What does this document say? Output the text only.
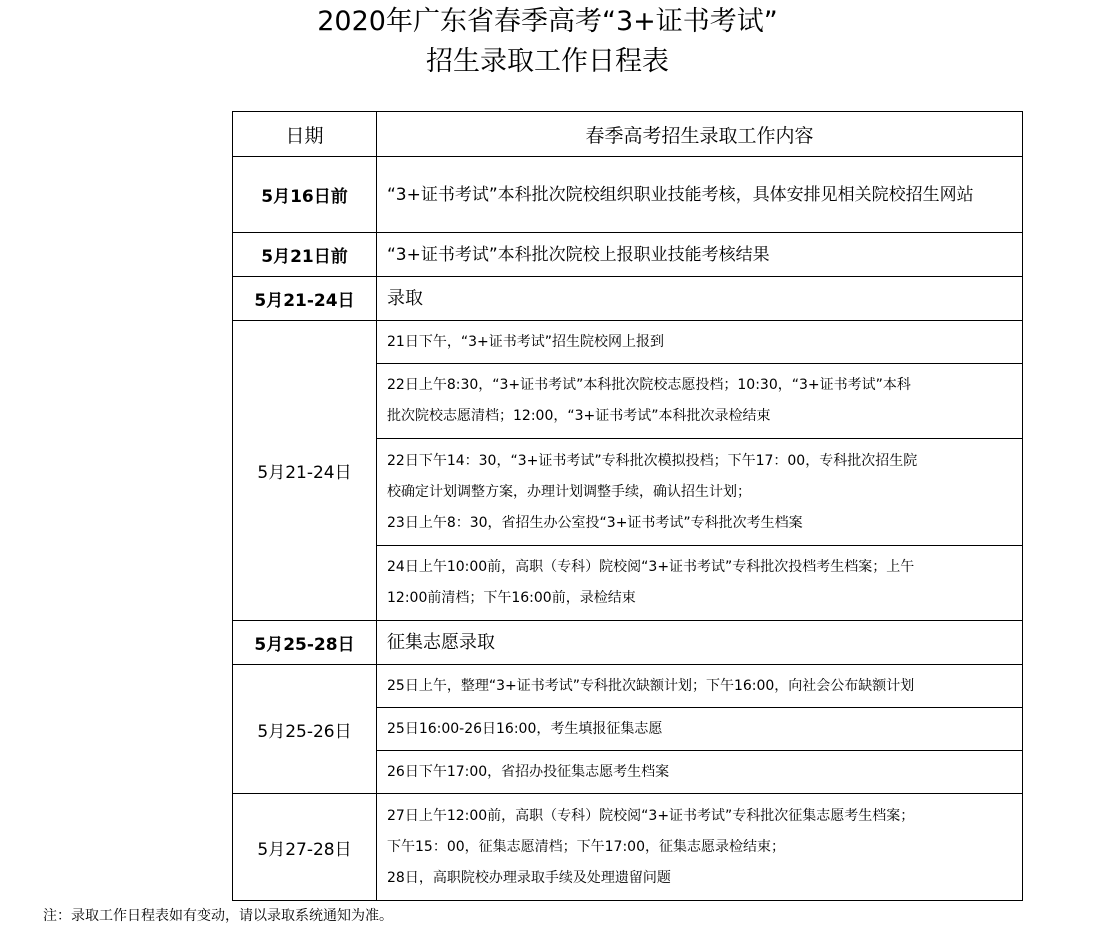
2020年广东省春季高考“3+证书考试”
招生录取工作日程表
日期	春季高考招生录取工作内容
5月16日前	“3+证书考试”本科批次院校组织职业技能考核，具体安排见相关院校招生网站
5月21日前	“3+证书考试”本科批次院校上报职业技能考核结果
5月21-24日	录取
5月21-24日	21日下午，“3+证书考试”招生院校网上报到

	22日上午8:30，“3+证书考试”本科批次院校志愿投档；10:30，“3+证书考试”本科
批次院校志愿清档；12:00，“3+证书考试”本科批次录检结束

	22日下午14：30，“3+证书考试”专科批次模拟投档；下午17：00，专科批次招生院
校确定计划调整方案，办理计划调整手续，确认招生计划；
23日上午8：30，省招生办公室投“3+证书考试”专科批次考生档案

	24日上午10:00前，高职（专科）院校阅“3+证书考试”专科批次投档考生档案；上午
12:00前清档；下午16:00前，录检结束

5月25-28日	征集志愿录取
5月25-26日	25日上午，整理“3+证书考试”专科批次缺额计划；下午16:00，向社会公布缺额计划

	25日16:00-26日16:00，考生填报征集志愿

	26日下午17:00，省招办投征集志愿考生档案

5月27-28日	27日上午12:00前，高职（专科）院校阅“3+证书考试”专科批次征集志愿考生档案；
下午15：00，征集志愿清档；下午17:00，征集志愿录检结束；
28日，高职院校办理录取手续及处理遗留问题
注：录取工作日程表如有变动，请以录取系统通知为准。
